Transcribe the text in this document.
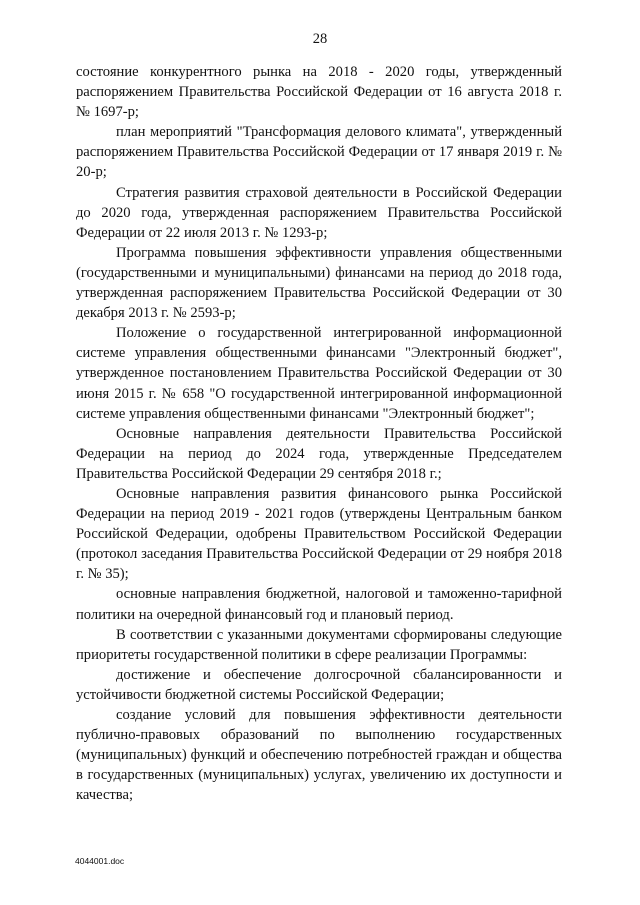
28

состояние конкурентного рынка на 2018 - 2020 годы, утвержденный распоряжением Правительства Российской Федерации от 16 августа 2018 г. № 1697-р;

план мероприятий "Трансформация делового климата", утвержденный распоряжением Правительства Российской Федерации от 17 января 2019 г. № 20-р;

Стратегия развития страховой деятельности в Российской Федерации до 2020 года, утвержденная распоряжением Правительства Российской Федерации от 22 июля 2013 г. № 1293-р;

Программа повышения эффективности управления общественными (государственными и муниципальными) финансами на период до 2018 года, утвержденная распоряжением Правительства Российской Федерации от 30 декабря 2013 г. № 2593-р;

Положение о государственной интегрированной информационной системе управления общественными финансами "Электронный бюджет", утвержденное постановлением Правительства Российской Федерации от 30 июня 2015 г. № 658 "О государственной интегрированной информационной системе управления общественными финансами "Электронный бюджет";

Основные направления деятельности Правительства Российской Федерации на период до 2024 года, утвержденные Председателем Правительства Российской Федерации 29 сентября 2018 г.;

Основные направления развития финансового рынка Российской Федерации на период 2019 - 2021 годов (утверждены Центральным банком Российской Федерации, одобрены Правительством Российской Федерации (протокол заседания Правительства Российской Федерации от 29 ноября 2018 г. № 35);

основные направления бюджетной, налоговой и таможенно-тарифной политики на очередной финансовый год и плановый период.

В соответствии с указанными документами сформированы следующие приоритеты государственной политики в сфере реализации Программы:

достижение и обеспечение долгосрочной сбалансированности и устойчивости бюджетной системы Российской Федерации;

создание условий для повышения эффективности деятельности публично-правовых образований по выполнению государственных (муниципальных) функций и обеспечению потребностей граждан и общества в государственных (муниципальных) услугах, увеличению их доступности и качества;

4044001.doc
